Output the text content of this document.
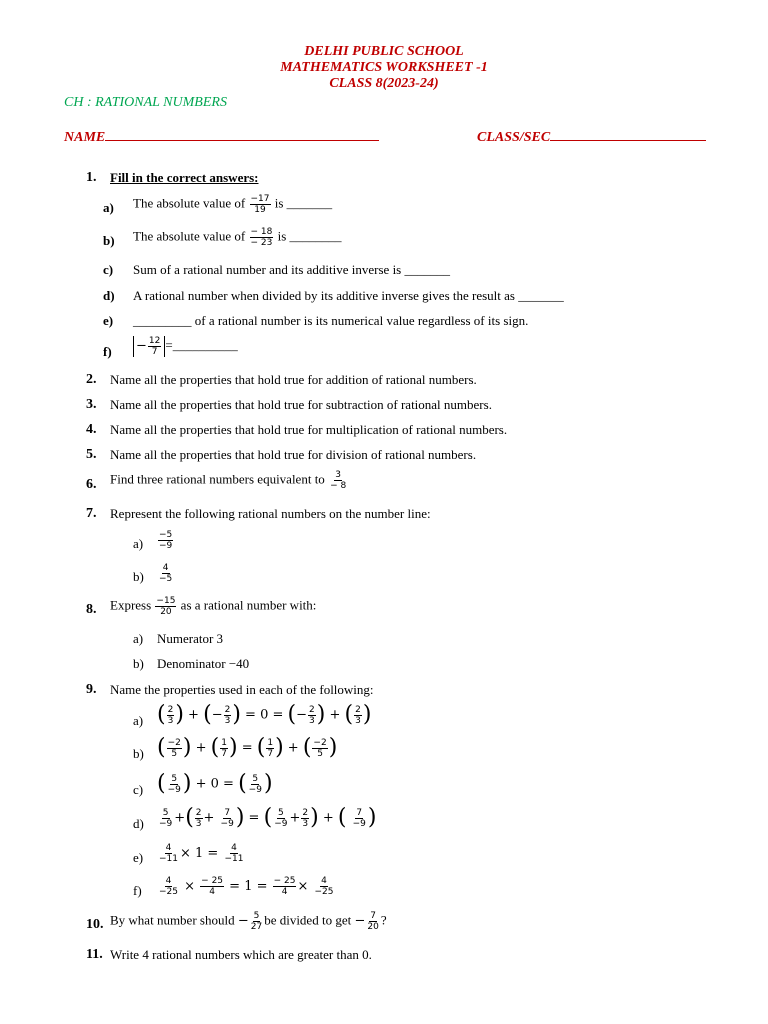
DELHI PUBLIC SCHOOL
MATHEMATICS WORKSHEET -1
CLASS 8(2023-24)
CH : RATIONAL NUMBERS
NAME	CLASS/SEC
1. Fill in the correct answers:
a) The absolute value of $\frac{-17}{19}$ is _______
b) The absolute value of $\frac{- 18}{- 23}$ is ________
c) Sum of a rational number and its additive inverse is _______
d) A rational number when divided by its additive inverse gives the result as _______
e) _________ of a rational number is its numerical value regardless of its sign.
$f) - \frac{12}{7}$ =__________
2. Name all the properties that hold true for addition of rational numbers.
3. Name all the properties that hold true for subtraction of rational numbers.
4. Name all the properties that hold true for multiplication of rational numbers.
5. Name all the properties that hold true for division of rational numbers.
6. Find three rational numbers equivalent to $\frac{3}{- 8}$
7. Represent the following rational numbers on the number line:
$a) \frac{-5}{-9}$
$b) \frac{4}{-5}$
8. Express $\frac{-15}{20}$ as a rational number with:
a) Numerator 3
b) Denominator −40
9. Name the properties used in each of the following:
a) ( $\frac{2}{3}$ ) + (− $\frac{2}{3}$ ) = 0 = (− $\frac{2}{3}$ ) + ( $\frac{2}{3}$ )
b) ( $\frac{-2}{5}$ ) + ( $\frac{1}{7}$ ) = ( $\frac{1}{7}$ ) + ( $\frac{-2}{5}$ )
c) ( $\frac{5}{-9}$ ) + 0 = ( $\frac{5}{-9}$ )
$d) \frac{5}{-9}$ +( $\frac{2}{3} + \frac{7}{-9}$ ) = ( $\frac{5}{-9} + \frac{2}{3}$ ) + ( $\frac{7}{-9}$ )
$e) \frac{4}{-11} \times 1 = \frac{4}{-11}$
$f) \frac{4}{-25} \times \frac{- 25}{4} = 1 = \frac{- 25}{4} \times \frac{4}{-25}$
10. By what number should − $\frac{5}{27}$ be divided to get − $\frac{7}{20}$ ?
11. Write 4 rational numbers which are greater than 0.
